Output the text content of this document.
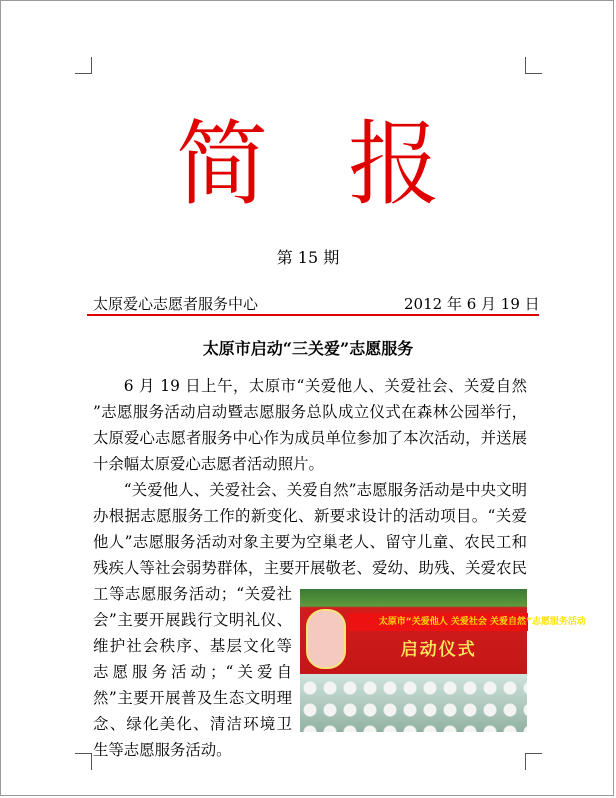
简报
第 15 期
太原爱心志愿者服务中心	2012 年 6 月 19 日
太原市启动“三关爱”志愿服务

6 月 19 日上午，太原市“关爱他人、关爱社会、关爱自然 ”志愿服务活动启动暨志愿服务总队成立仪式在森林公园举行，太原爱心志愿者服务中心作为成员单位参加了本次活动，并送展十余幅太原爱心志愿者活动照片。

“关爱他人、关爱社会、关爱自然”志愿服务活动是中央文明办根据志愿服务工作的新变化、新要求设计的活动项目。“关爱他人”志愿服务活动对象主要为空巢老人、留守儿童、农民工和残疾人等社会弱势群体，主要开展敬老、爱幼、助残、关爱
太原市“关爱他人 关爱社会 关爱自然”志愿服务活动
启动仪式
农民工等志愿服务活动；“关爱社会”主要开展践行文明礼仪、维护社会秩序、基层文化等志愿服务活动；“关爱自然”主要开展普及生态文明理念、绿化美化、清洁环境卫生等志愿服务活动。
